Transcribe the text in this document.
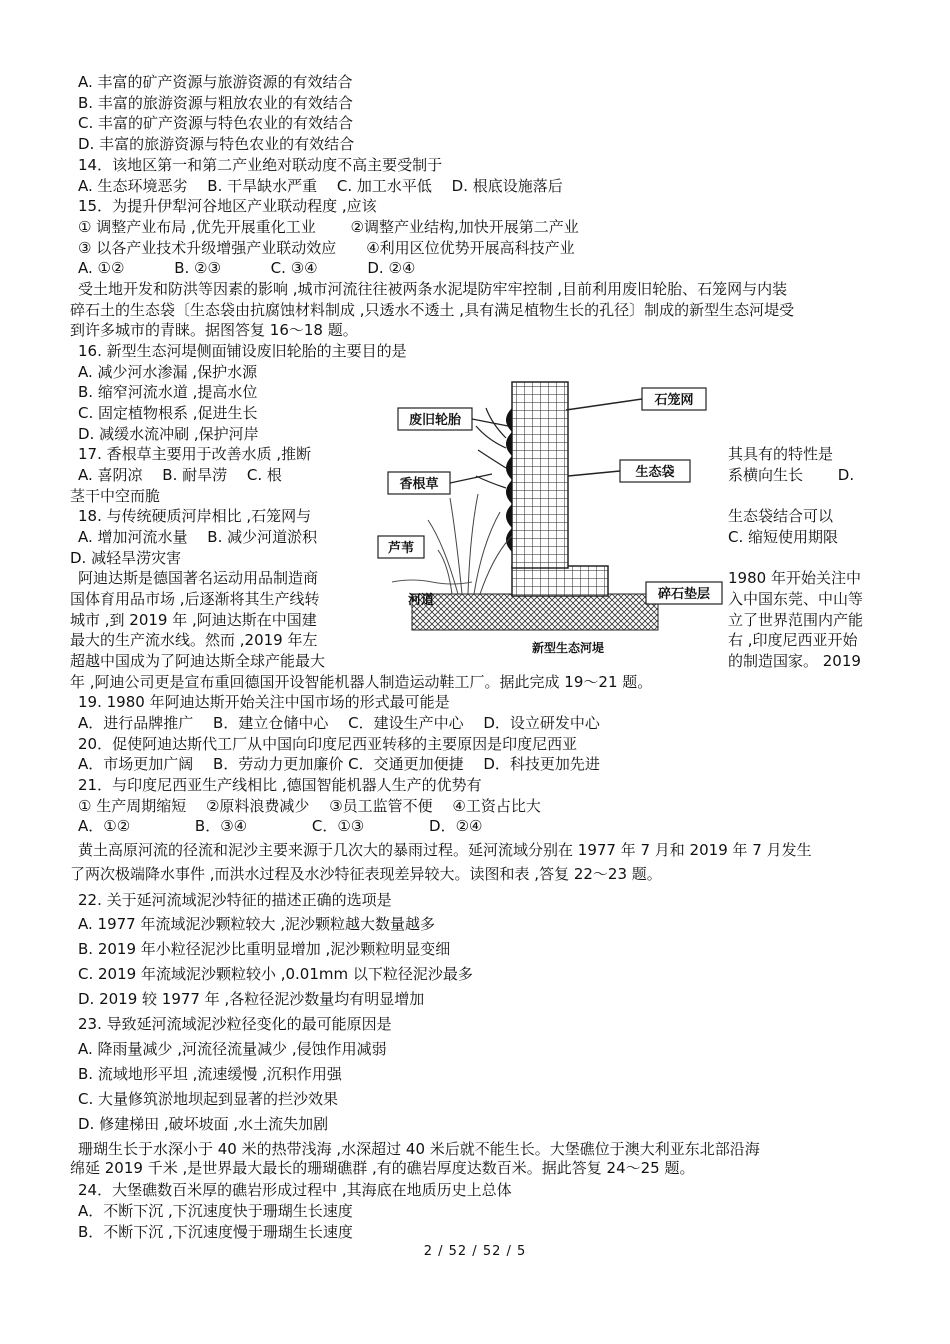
A. 丰富的矿产资源与旅游资源的有效结合
B. 丰富的旅游资源与粗放农业的有效结合
C. 丰富的矿产资源与特色农业的有效结合
D. 丰富的旅游资源与特色农业的有效结合
14．该地区第一和第二产业绝对联动度不高主要受制于
A. 生态环境恶劣　 B. 干旱缺水严重　 C. 加工水平低　 D. 根底设施落后
15．为提升伊犁河谷地区产业联动程度 ,应该
① 调整产业布局 ,优先开展重化工业　　 ②调整产业结构,加快开展第二产业
③ 以各产业技术升级增强产业联动效应　　④利用区位优势开展高科技产业
A. ①②　　　 B. ②③　　　 C. ③④　　　 D. ②④
受土地开发和防洪等因素的影响 ,城市河流往往被两条水泥堤防牢牢控制 ,目前利用废旧轮胎、石笼网与内装
碎石土的生态袋〔生态袋由抗腐蚀材料制成 ,只透水不透土 ,具有满足植物生长的孔径〕制成的新型生态河堤受
到许多城市的青睐。据图答复 16～18 题。
16. 新型生态河堤侧面铺设废旧轮胎的主要目的是
A. 减少河水渗漏 ,保护水源
B. 缩窄河流水道 ,提高水位
C. 固定植物根系 ,促进生长
D. 减缓水流冲刷 ,保护河岸
17. 香根草主要用于改善水质 ,推断	其具有的特性是
A. 喜阴凉　 B. 耐旱涝　 C. 根	系横向生长　　 D.
茎干中空而脆
18. 与传统硬质河岸相比 ,石笼网与	生态袋结合可以
A. 增加河流水量　 B. 减少河道淤积	C. 缩短使用期限
D. 减轻旱涝灾害
阿迪达斯是德国著名运动用品制造商	1980 年开始关注中
国体育用品市场 ,后逐渐将其生产线转	入中国东莞、中山等
城市 ,到 2019 年 ,阿迪达斯在中国建	立了世界范围内产能
最大的生产流水线。然而 ,2019 年左	右 ,印度尼西亚开始
超越中国成为了阿迪达斯全球产能最大	的制造国家。 2019
年 ,阿迪公司更是宣布重回德国开设智能机器人制造运动鞋工厂。据此完成 19～21 题。
19. 1980 年阿迪达斯开始关注中国市场的形式最可能是
A．进行品牌推广　 B．建立仓储中心　 C．建设生产中心　 D．设立研发中心
20．促使阿迪达斯代工厂从中国向印度尼西亚转移的主要原因是印度尼西亚
A．市场更加广阔　 B．劳动力更加廉价 C．交通更加便捷　 D．科技更加先进
21．与印度尼西亚生产线相比 ,德国智能机器人生产的优势有
① 生产周期缩短　 ②原料浪费减少　 ③员工监管不便　 ④工资占比大
A．①②　　　　 B．③④　　　　 C．①③　　　　 D．②④
黄土高原河流的径流和泥沙主要来源于几次大的暴雨过程。延河流域分别在 1977 年 7 月和 2019 年 7 月发生
了两次极端降水事件 ,而洪水过程及水沙特征表现差异较大。读图和表 ,答复 22～23 题。
22. 关于延河流域泥沙特征的描述正确的选项是
A. 1977 年流域泥沙颗粒较大 ,泥沙颗粒越大数量越多
B. 2019 年小粒径泥沙比重明显增加 ,泥沙颗粒明显变细
C. 2019 年流域泥沙颗粒较小 ,0.01mm 以下粒径泥沙最多
D. 2019 较 1977 年 ,各粒径泥沙数量均有明显增加
23. 导致延河流域泥沙粒径变化的最可能原因是
A. 降雨量减少 ,河流径流量减少 ,侵蚀作用减弱
B. 流域地形平坦 ,流速缓慢 ,沉积作用强
C. 大量修筑淤地坝起到显著的拦沙效果
D. 修建梯田 ,破坏坡面 ,水土流失加剧
珊瑚生长于水深小于 40 米的热带浅海 ,水深超过 40 米后就不能生长。大堡礁位于澳大利亚东北部沿海
绵延 2019 千米 ,是世界最大最长的珊瑚礁群 ,有的礁岩厚度达数百米。据此答复 24～25 题。
24．大堡礁数百米厚的礁岩形成过程中 ,其海底在地质历史上总体
A．不断下沉 ,下沉速度快于珊瑚生长速度
B．不断下沉 ,下沉速度慢于珊瑚生长速度
2 / 52 / 52 / 5
废旧轮胎
石笼网
香根草
生态袋
芦苇
河道	碎石垫层
新型生态河堤
